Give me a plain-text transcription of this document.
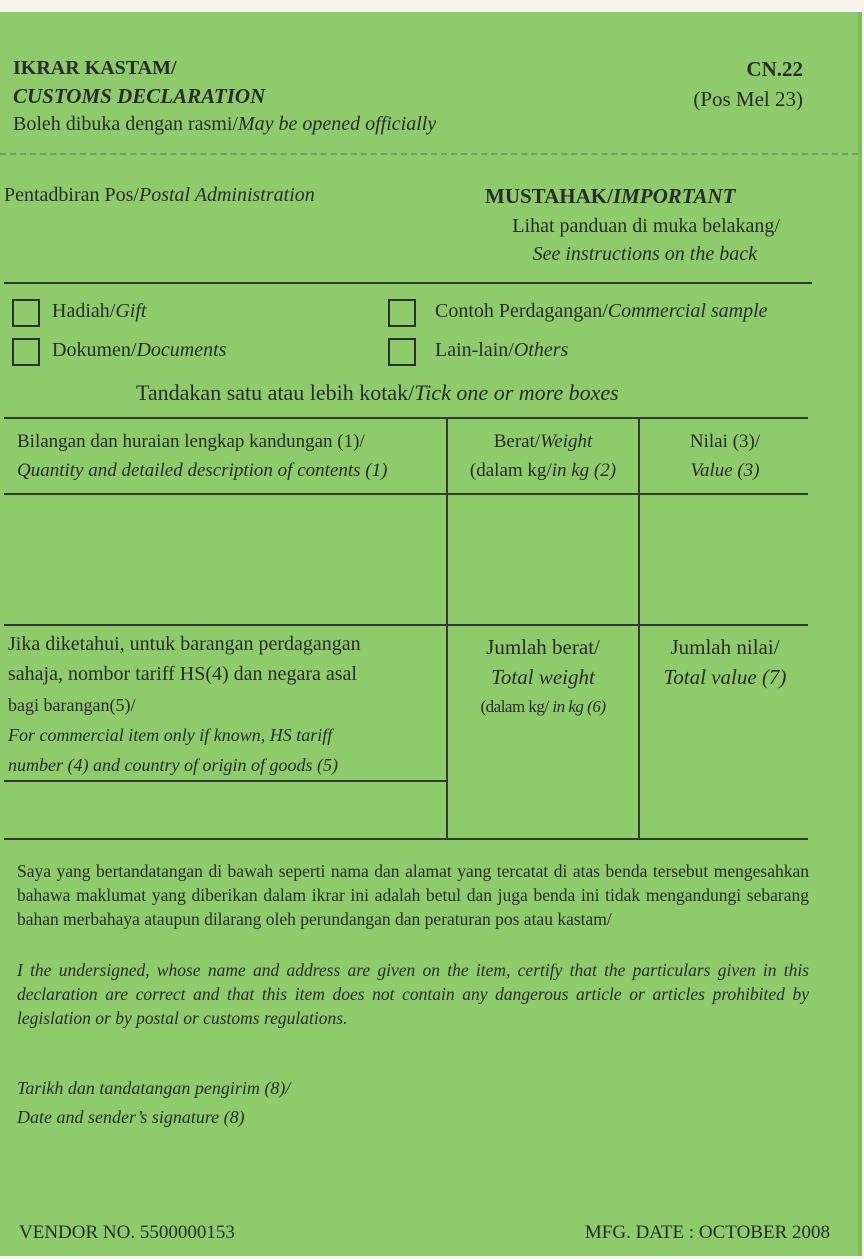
IKRAR KASTAM/
CUSTOMS DECLARATION
Boleh dibuka dengan rasmi/May be opened officially
CN.22
(Pos Mel 23)
Pentadbiran Pos/Postal Administration	MUSTAHAK/IMPORTANT
Lihat panduan di muka belakang/
See instructions on the back
Hadiah/Gift
Dokumen/Documents
Contoh Perdagangan/Commercial sample
Lain-lain/Others
Tandakan satu atau lebih kotak/Tick one or more boxes
Bilangan dan huraian lengkap kandungan (1)/
Quantity and detailed description of contents (1)
Berat/Weight
(dalam kg/in kg (2)
Nilai (3)/
Value (3)
Jika diketahui, untuk barangan perdagangan
sahaja, nombor tariff HS(4) dan negara asal
bagi barangan(5)/
For commercial item only if known, HS tariff
number (4) and country of origin of goods (5)
Jumlah berat/
Total weight
(dalam kg/ in kg (6)
Jumlah nilai/
Total value (7)

Saya yang bertandatangan di bawah seperti nama dan alamat yang tercatat di atas benda tersebut mengesahkan bahawa maklumat yang diberikan dalam ikrar ini adalah betul dan juga benda ini tidak mengandungi sebarang bahan merbahaya ataupun dilarang oleh perundangan dan peraturan pos atau kastam/

I the undersigned, whose name and address are given on the item, certify that the particulars given in this declaration are correct and that this item does not contain any dangerous article or articles prohibited by legislation or by postal or customs regulations.

Tarikh dan tandatangan pengirim (8)/
Date and sender’s signature (8)
VENDOR NO. 5500000153	MFG. DATE : OCTOBER 2008
